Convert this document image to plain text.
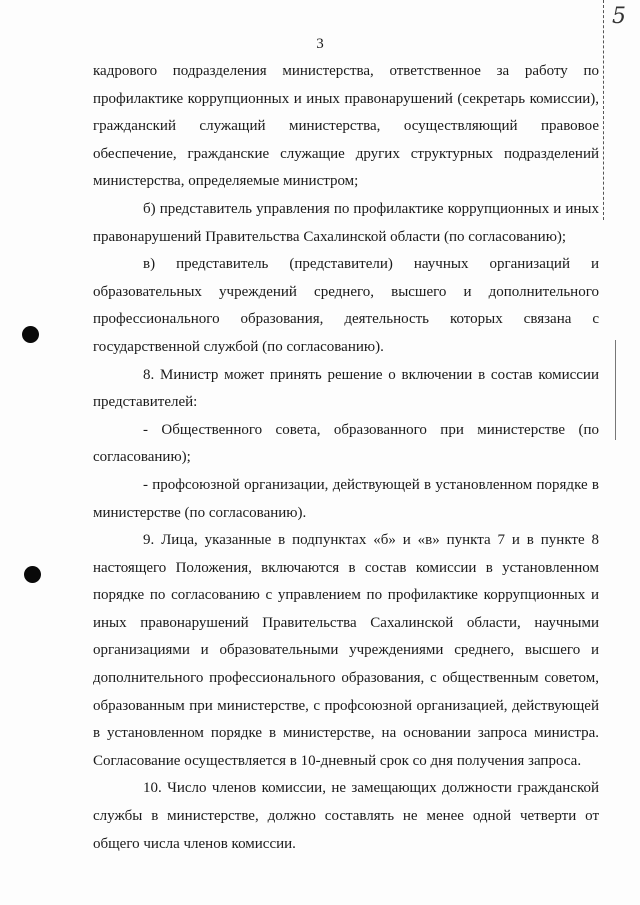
5
3

кадрового подразделения министерства, ответственное за работу по профилактике коррупционных и иных правонарушений (секретарь комиссии), гражданский служащий министерства, осуществляющий правовое обеспечение, гражданские служащие других структурных подразделений министерства, определяемые министром;

б) представитель управления по профилактике коррупционных и иных правонарушений Правительства Сахалинской области (по согласованию);

в) представитель (представители) научных организаций и образовательных учреждений среднего, высшего и дополнительного профессионального образования, деятельность которых связана с государственной службой (по согласованию).

8. Министр может принять решение о включении в состав комиссии представителей:

- Общественного совета, образованного при министерстве (по согласованию);

- профсоюзной организации, действующей в установленном порядке в министерстве (по согласованию).

9. Лица, указанные в подпунктах «б» и «в» пункта 7 и в пункте 8 настоящего Положения, включаются в состав комиссии в установленном порядке по согласованию с управлением по профилактике коррупционных и иных правонарушений Правительства Сахалинской области, научными организациями и образовательными учреждениями среднего, высшего и дополнительного профессионального образования, с общественным советом, образованным при министерстве, с профсоюзной организацией, действующей в установленном порядке в министерстве, на основании запроса министра. Согласование осуществляется в 10-дневный срок со дня получения запроса.

10. Число членов комиссии, не замещающих должности гражданской службы в министерстве, должно составлять не менее одной четверти от общего числа членов комиссии.
